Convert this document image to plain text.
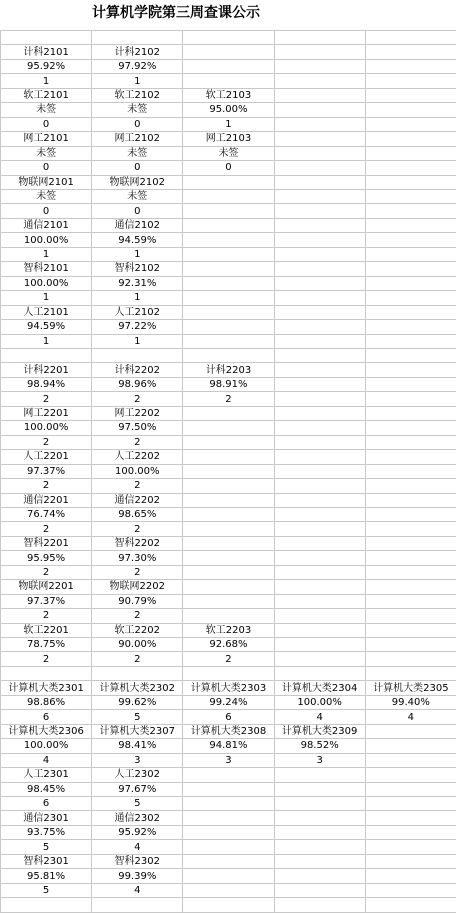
计算机学院第三周查课公示

计科2101	计科2102			
95.92%	97.92%			
1	1			
软工2101	软工2102	软工2103		
未签	未签	95.00%		
0	0	1		
网工2101	网工2102	网工2103		
未签	未签	未签		
0	0	0		
物联网2101	物联网2102			
未签	未签			
0	0			
通信2101	通信2102			
100.00%	94.59%			
1	1			
智科2101	智科2102			
100.00%	92.31%			
1	1			
人工2101	人工2102			
94.59%	97.22%			
1	1			

计科2201	计科2202	计科2203		
98.94%	98.96%	98.91%		
2	2	2		
网工2201	网工2202			
100.00%	97.50%			
2	2			
人工2201	人工2202			
97.37%	100.00%			
2	2			
通信2201	通信2202			
76.74%	98.65%			
2	2			
智科2201	智科2202			
95.95%	97.30%			
2	2			
物联网2201	物联网2202			
97.37%	90.79%			
2	2			
软工2201	软工2202	软工2203		
78.75%	90.00%	92.68%		
2	2	2		

计算机大类2301	计算机大类2302	计算机大类2303	计算机大类2304	计算机大类2305
98.86%	99.62%	99.24%	100.00%	99.40%
6	5	6	4	4
计算机大类2306	计算机大类2307	计算机大类2308	计算机大类2309	
100.00%	98.41%	94.81%	98.52%	
4	3	3	3	
人工2301	人工2302			
98.45%	97.67%			
6	5			
通信2301	通信2302			
93.75%	95.92%			
5	4			
智科2301	智科2302			
95.81%	99.39%			
5	4			
